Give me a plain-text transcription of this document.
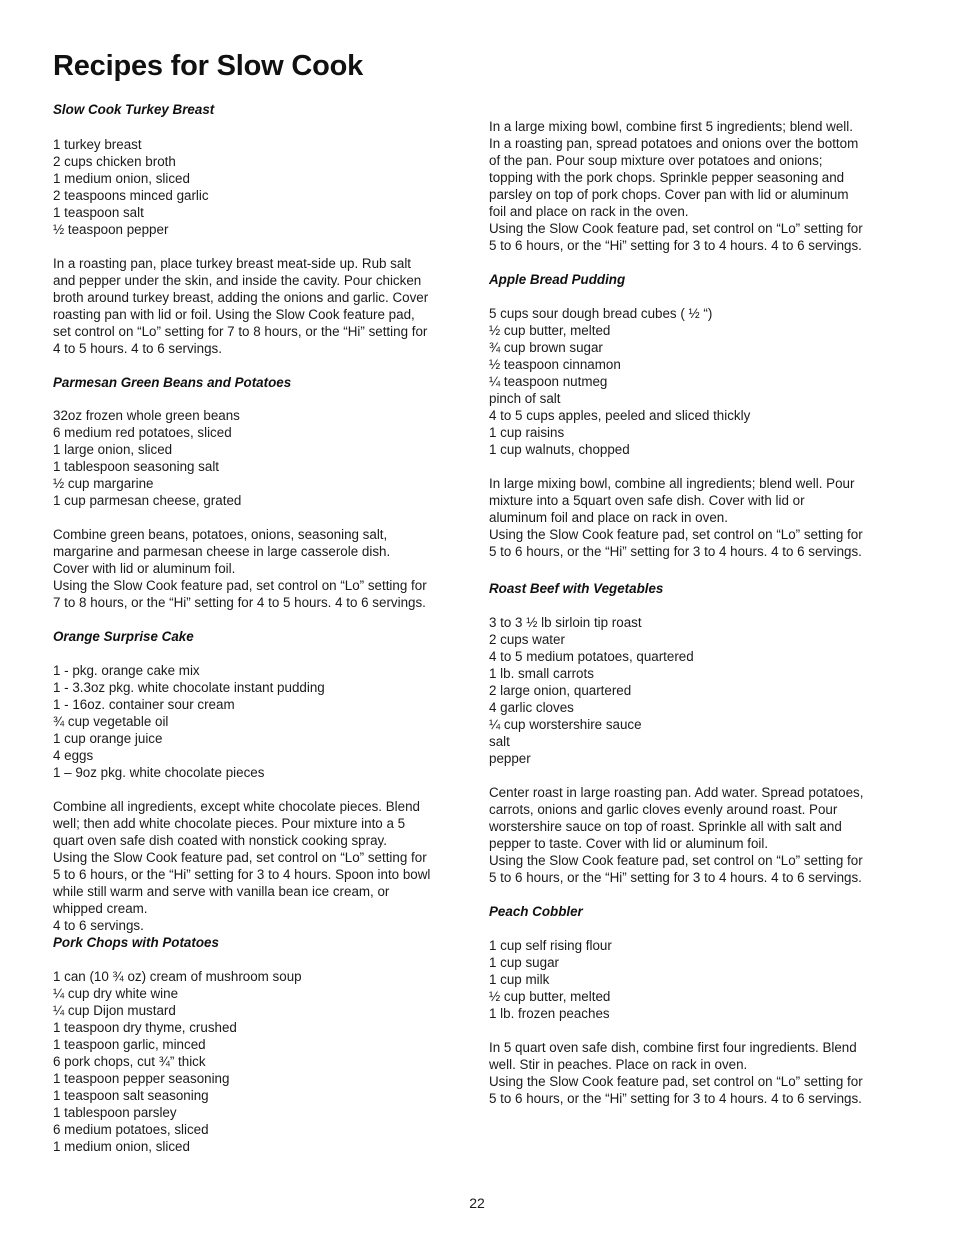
Recipes for Slow Cook
Slow Cook Turkey Breast
1 turkey breast
2 cups chicken broth
1 medium onion, sliced
2 teaspoons minced garlic
1 teaspoon salt
½ teaspoon pepper
In a roasting pan, place turkey breast meat-side up. Rub salt
and pepper under the skin, and inside the cavity. Pour chicken
broth around turkey breast, adding the onions and garlic. Cover
roasting pan with lid or foil. Using the Slow Cook feature pad,
set control on “Lo” setting for 7 to 8 hours, or the “Hi” setting for
4 to 5 hours. 4 to 6 servings.
Parmesan Green Beans and Potatoes
32oz frozen whole green beans
6 medium red potatoes, sliced
1 large onion, sliced
1 tablespoon seasoning salt
½ cup margarine
1 cup parmesan cheese, grated
Combine green beans, potatoes, onions, seasoning salt,
margarine and parmesan cheese in large casserole dish.
Cover with lid or aluminum foil.
Using the Slow Cook feature pad, set control on “Lo” setting for
7 to 8 hours, or the “Hi” setting for 4 to 5 hours. 4 to 6 servings.
Orange Surprise Cake
1 - pkg. orange cake mix
1 - 3.3oz pkg. white chocolate instant pudding
1 - 16oz. container sour cream
¾ cup vegetable oil
1 cup orange juice
4 eggs
1 – 9oz pkg. white chocolate pieces
Combine all ingredients, except white chocolate pieces. Blend
well; then add white chocolate pieces. Pour mixture into a 5
quart oven safe dish coated with nonstick cooking spray.
Using the Slow Cook feature pad, set control on “Lo” setting for
5 to 6 hours, or the “Hi” setting for 3 to 4 hours. Spoon into bowl
while still warm and serve with vanilla bean ice cream, or
whipped cream.
4 to 6 servings.
Pork Chops with Potatoes
1 can (10 ¾ oz) cream of mushroom soup
¼ cup dry white wine
¼ cup Dijon mustard
1 teaspoon dry thyme, crushed
1 teaspoon garlic, minced
6 pork chops, cut ¾” thick
1 teaspoon pepper seasoning
1 teaspoon salt seasoning
1 tablespoon parsley
6 medium potatoes, sliced
1 medium onion, sliced
In a large mixing bowl, combine first 5 ingredients; blend well.
In a roasting pan, spread potatoes and onions over the bottom
of the pan. Pour soup mixture over potatoes and onions;
topping with the pork chops. Sprinkle pepper seasoning and
parsley on top of pork chops. Cover pan with lid or aluminum
foil and place on rack in the oven.
Using the Slow Cook feature pad, set control on “Lo” setting for
5 to 6 hours, or the “Hi” setting for 3 to 4 hours. 4 to 6 servings.
Apple Bread Pudding
5 cups sour dough bread cubes ( ½ “)
½ cup butter, melted
¾ cup brown sugar
½ teaspoon cinnamon
¼ teaspoon nutmeg
pinch of salt
4 to 5 cups apples, peeled and sliced thickly
1 cup raisins
1 cup walnuts, chopped
In large mixing bowl, combine all ingredients; blend well. Pour
mixture into a 5quart oven safe dish. Cover with lid or
aluminum foil and place on rack in oven.
Using the Slow Cook feature pad, set control on “Lo” setting for
5 to 6 hours, or the “Hi” setting for 3 to 4 hours. 4 to 6 servings.
Roast Beef with Vegetables
3 to 3 ½ lb sirloin tip roast
2 cups water
4 to 5 medium potatoes, quartered
1 lb. small carrots
2 large onion, quartered
4 garlic cloves
¼ cup worstershire sauce
salt
pepper
Center roast in large roasting pan. Add water. Spread potatoes,
carrots, onions and garlic cloves evenly around roast. Pour
worstershire sauce on top of roast. Sprinkle all with salt and
pepper to taste. Cover with lid or aluminum foil.
Using the Slow Cook feature pad, set control on “Lo” setting for
5 to 6 hours, or the “Hi” setting for 3 to 4 hours. 4 to 6 servings.
Peach Cobbler
1 cup self rising flour
1 cup sugar
1 cup milk
½ cup butter, melted
1 lb. frozen peaches
In 5 quart oven safe dish, combine first four ingredients. Blend
well. Stir in peaches. Place on rack in oven.
Using the Slow Cook feature pad, set control on “Lo” setting for
5 to 6 hours, or the “Hi” setting for 3 to 4 hours. 4 to 6 servings.
22
